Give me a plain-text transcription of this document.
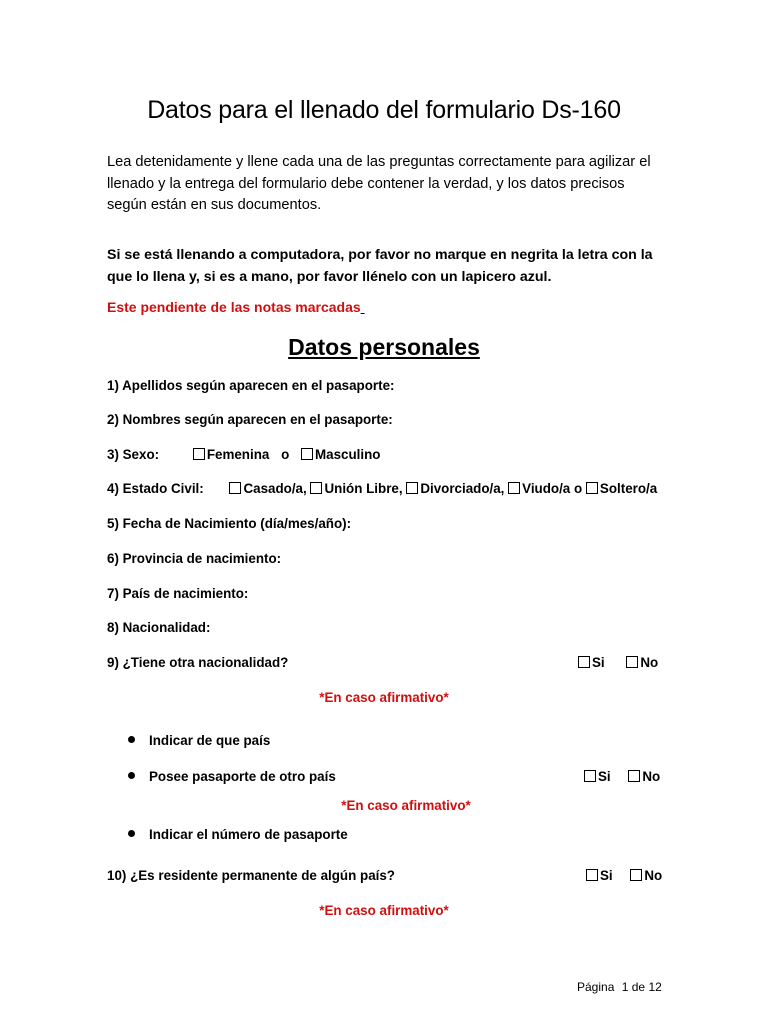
Datos para el llenado del formulario Ds-160

Lea detenidamente y llene cada una de las preguntas correctamente para agilizar el llenado y la entrega del formulario debe contener la verdad, y los datos precisos según están en sus documentos.

Si se está llenando a computadora, por favor no marque en negrita la letra con la que lo llena y, si es a mano, por favor llénelo con un lapicero azul.

Este pendiente de las notas marcadas

Datos personales
1) Apellidos según aparecen en el pasaporte:
2) Nombres según aparecen en el pasaporte:
3) Sexo:	Femenina o Masculino
4) Estado Civil:	Casado/a, Unión Libre, Divorciado/a, Viudo/a o Soltero/a
5) Fecha de Nacimiento (día/mes/año):
6) Provincia de nacimiento:
7) País de nacimiento:
8) Nacionalidad:
9) ¿Tiene otra nacionalidad?	Si	No
*En caso afirmativo*
Indicar de que país
Posee pasaporte de otro país	Si No
*En caso afirmativo*
Indicar el número de pasaporte
10) ¿Es residente permanente de algún país?	Si No
*En caso afirmativo*
Página 1 de 12
